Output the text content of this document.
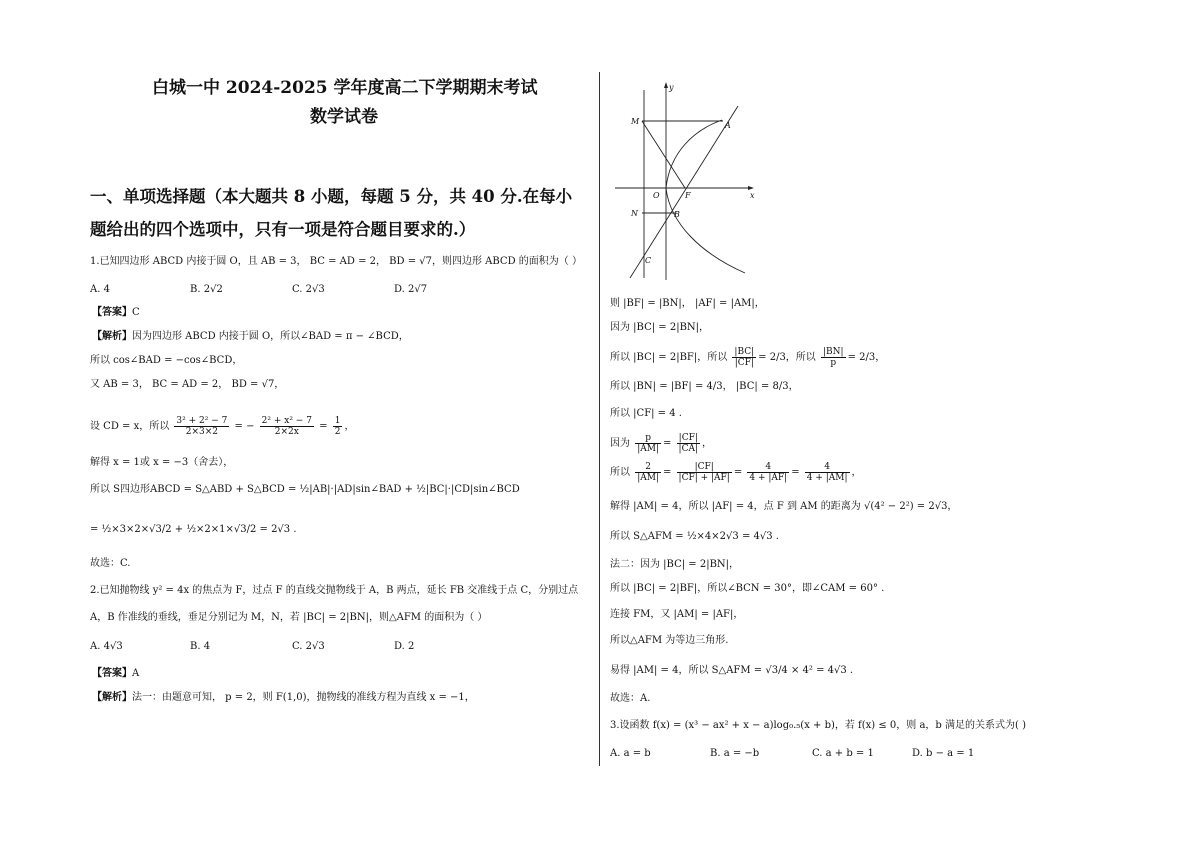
白城一中 2024-2025 学年度高二下学期期末考试
数学试卷
一、单项选择题（本大题共 8 小题，每题 5 分，共 40 分.在每小
题给出的四个选项中，只有一项是符合题目要求的.）
1.已知四边形 ABCD 内接于圆 O，且 AB = 3， BC = AD = 2， BD = √7，则四边形 ABCD 的面积为（ ）
A. 4	B. 2√2	C. 2√3	D. 2√7
【答案】C
【解析】因为四边形 ABCD 内接于圆 O，所以∠BAD = π − ∠BCD，
所以 cos∠BAD = −cos∠BCD，
又 AB = 3， BC = AD = 2， BD = √7，
设 CD = x，所以 $\frac{\text{3² + 2² − 7}}{2\times 3\times 2}$ = − $\frac{\text{2² + x² − 7}}{2\times 2x} = \frac{1}{2}$ ，
解得 x = 1或 x = −3（舍去），
所以 S四边形ABCD = S△ABD + S△BCD = ½|AB|·|AD|sin∠BAD + ½|BC|·|CD|sin∠BCD
= ½×3×2×√3/2 + ½×2×1×√3/2 = 2√3 .
故选：C.
2.已知抛物线 y² = 4x 的焦点为 F，过点 F 的直线交抛物线于 A，B 两点，延长 FB 交准线于点 C，分别过点
A，B 作准线的垂线，垂足分别记为 M，N，若 |BC| = 2|BN|，则△AFM 的面积为（ ）
A. 4√3	B. 4	C. 2√3	D. 2
【答案】A
【解析】法一：由题意可知， p = 2，则 F(1,0)，抛物线的准线方程为直线 x = −1，
y
x
M	A
O	F
N	B
C
则 |BF| = |BN|， |AF| = |AM|，
因为 |BC| = 2|BN|，
所以 |BC| = 2|BF|，所以 $\frac{|BC|}{|CF|} = 2/3$，所以 $\frac{|BN|}{p} = 2/3$，
所以 |BN| = |BF| = 4/3， |BC| = 8/3，
所以 |CF| = 4 .
因为 $\frac{p}{|AM|} = \frac{|CF|}{|CA|}$ ，
所以 $\frac{2}{|AM|} = \frac{|CF|}{|CF| + |AF|} = \frac{4}{4 + |AF|} = \frac{4}{4 + |AM|}$ ，
解得 |AM| = 4，所以 |AF| = 4，点 F 到 AM 的距离为 √(4² − 2²) = 2√3，
所以 S△AFM = ½×4×2√3 = 4√3 .
法二：因为 |BC| = 2|BN|，
所以 |BC| = 2|BF|，所以∠BCN = 30°，即∠CAM = 60° .
连接 FM，又 |AM| = |AF|，
所以△AFM 为等边三角形.
易得 |AM| = 4，所以 S△AFM = √3/4 × 4² = 4√3 .
故选：A.
3.设函数 f(x) = (x³ − ax² + x − a)log₀.₅(x + b)，若 f(x) ≤ 0，则 a，b 满足的关系式为( )
A. a = b	B. a = −b	C. a + b = 1	D. b − a = 1
